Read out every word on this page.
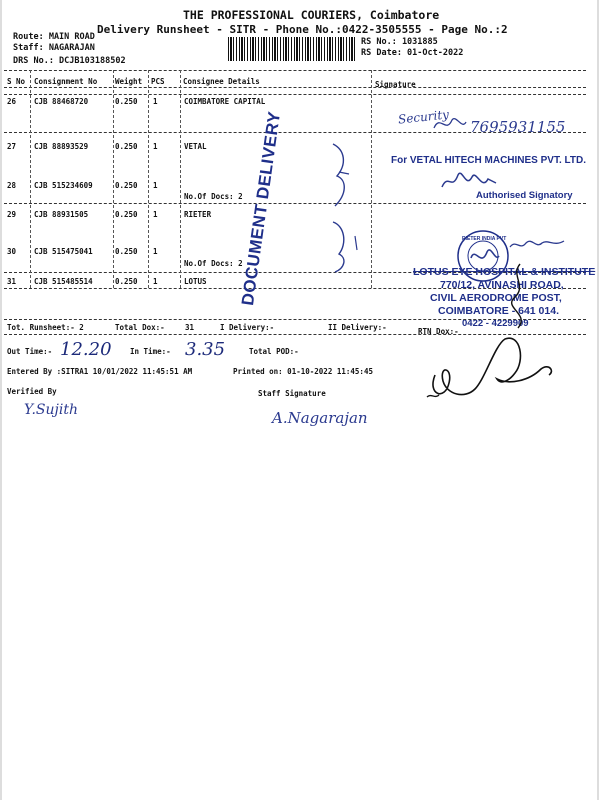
THE PROFESSIONAL COURIERS, Coimbatore
Delivery Runsheet - SITR - Phone No.:0422-3505555 - Page No.:2
Route: MAIN ROAD
Staff: NAGARAJAN
DRS No.: DCJB103188502
RS No.: 1031885
RS Date: 01-Oct-2022
S No Consignment No Weight PCS Consignee Details	Signature
26 CJB 88468720	0.250 1	COIMBATORE CAPITAL
27 CJB 88893529	0.250 1	VETAL
28 CJB 515234609	0.250 1
No.Of Docs: 2
29 CJB 88931505	0.250 1	RIETER
30 CJB 515475041	0.250 1
No.Of Docs: 2
31 CJB 515485514	0.250 1	LOTUS DOCUMENT DELIVERY	Security
7695931155
For VETAL HITECH MACHINES PVT. LTD.
Authorised Signatory
RIETER INDIA PVT
LOTUS EYE HOSPITAL & INSTITUTE
770/12, AVINASHI ROAD,
CIVIL AERODROME POST,
COIMBATORE - 641 014.
0422 - 4229909
Tot. Runsheet:- 2	Total Dox:-	31	I Delivery:-	II Delivery:-	RTN Dox:-
Out Time:- 12.20 In Time:- 3.35	Total POD:-
Entered By :SITRA1 10/01/2022 11:45:51 AM	Printed on: 01-10-2022 11:45:45
Verified By
Y.Sujith
Staff Signature
A.Nagarajan
